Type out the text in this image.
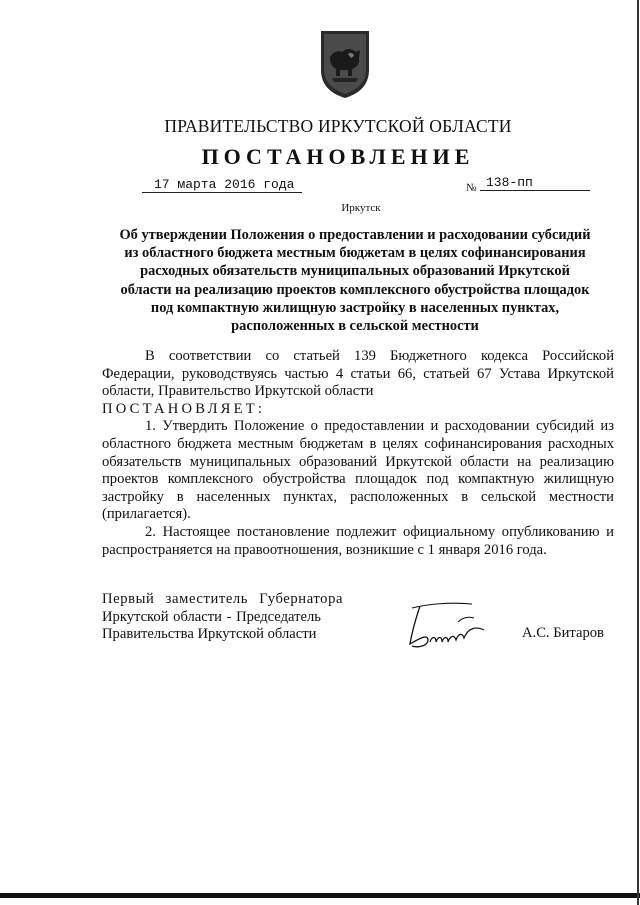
ПРАВИТЕЛЬСТВО ИРКУТСКОЙ ОБЛАСТИ
ПОСТАНОВЛЕНИЕ
17 марта 2016 года	№ 138-пп
Иркутск
Об утверждении Положения о предоставлении и расходовании субсидий
из областного бюджета местным бюджетам в целях софинансирования
расходных обязательств муниципальных образований Иркутской
области на реализацию проектов комплексного обустройства площадок
под компактную жилищную застройку в населенных пунктах,
расположенных в сельской местности

В соответствии со статьей 139 Бюджетного кодекса Российской Федерации, руководствуясь частью 4 статьи 66, статьей 67 Устава Иркутской области, Правительство Иркутской области

ПОСТАНОВЛЯЕТ:

1. Утвердить Положение о предоставлении и расходовании субсидий из областного бюджета местным бюджетам в целях софинансирования расходных обязательств муниципальных образований Иркутской области на реализацию проектов комплексного обустройства площадок под компактную жилищную застройку в населенных пунктах, расположенных в сельской местности (прилагается).

2. Настоящее постановление подлежит официальному опубликованию и распространяется на правоотношения, возникшие с 1 января 2016 года.

Первый заместитель Губернатора
Иркутской области - Председатель
Правительства Иркутской области	А.С. Битаров
